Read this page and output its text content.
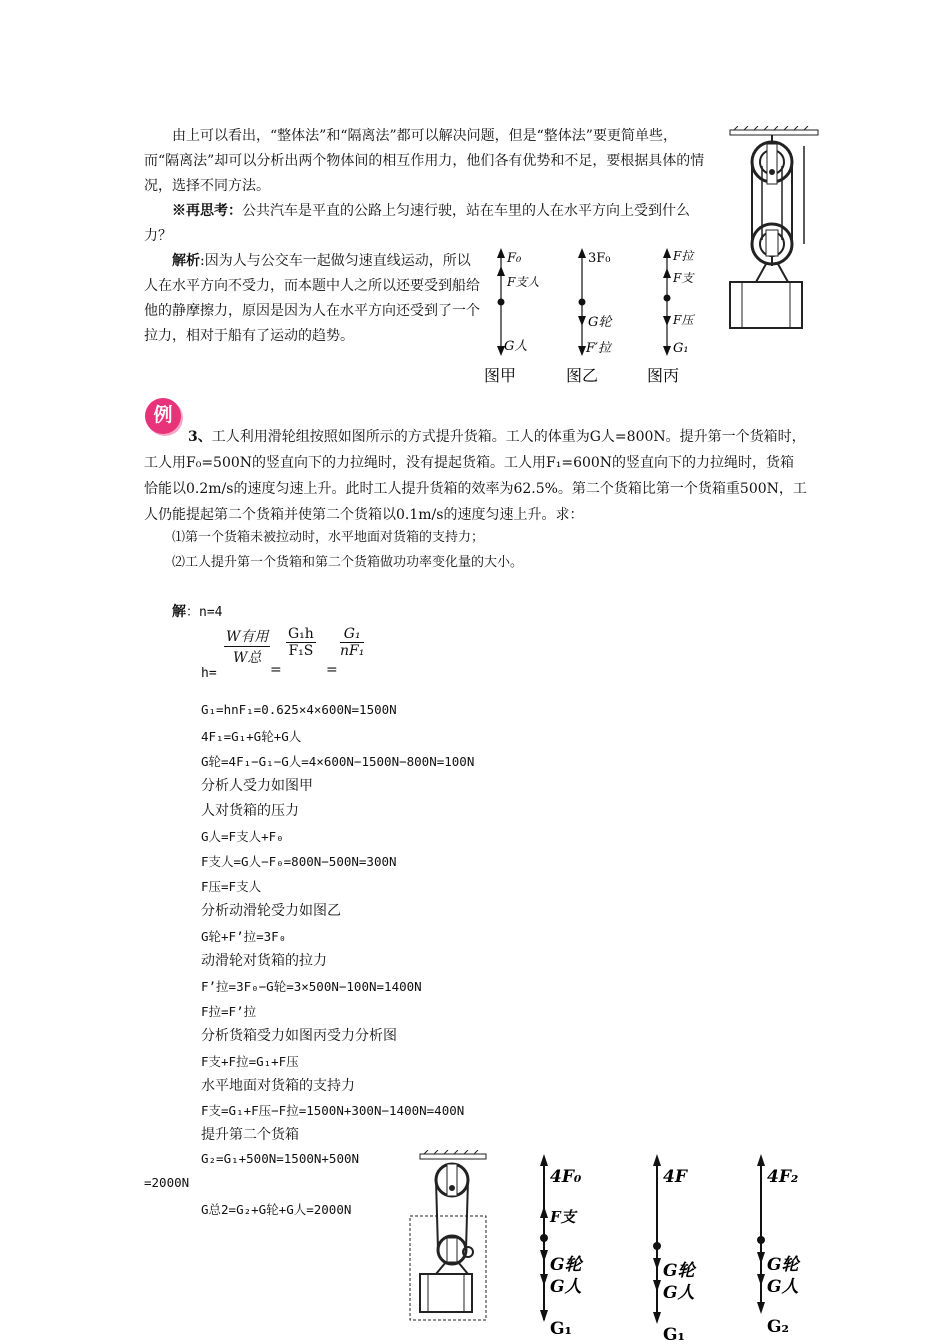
由上可以看出，“整体法”和“隔离法”都可以解决问题，但是“整体法”要更简单些，而“隔离法”却可以分析出两个物体间的相互作用力，他们各有优势和不足，要根据具体的情况，选择不同方法。
※再思考：公共汽车是平直的公路上匀速行驶，站在车里的人在水平方向上受到什么力？
解析:因为人与公交车一起做匀速直线运动，所以人在水平方向不受力，而本题中人之所以还要受到船给他的静摩擦力，原因是因为人在水平方向还受到了一个拉力，相对于船有了运动的趋势。
F₀
F支人
G人
图甲
3F₀
G轮
F′拉
图乙
F拉
F支
F压
G₁
图丙
例
3、工人利用滑轮组按照如图所示的方式提升货箱。工人的体重为G人=800N。提升第一个货箱时，工人用F₀=500N的竖直向下的力拉绳时，没有提起货箱。工人用F₁=600N的竖直向下的力拉绳时，货箱恰能以0.2m/s的速度匀速上升。此时工人提升货箱的效率为62.5%。第二个货箱比第一个货箱重500N，工人仍能提起第二个货箱并使第二个货箱以0.1m/s的速度匀速上升。求：
⑴第一个货箱未被拉动时，水平地面对货箱的支持力；
⑵工人提升第一个货箱和第二个货箱做功功率变化量的大小。
解：n=4
h=
W有用
W总
=
$\frac{\text{G₁h}}{\text{F₁S}}$
=
$\frac{\text{G₁}}{\text{nF₁}}$
G₁=hnF₁=0.625×4×600N=1500N
4F₁=G₁+G轮+G人
G轮=4F₁−G₁−G人=4×600N−1500N−800N=100N
分析人受力如图甲
人对货箱的压力
G人=F支人+F₀
F支人=G人−F₀=800N−500N=300N
F压=F支人
分析动滑轮受力如图乙
G轮+F’拉=3F₀
动滑轮对货箱的拉力
F’拉=3F₀−G轮=3×500N−100N=1400N
F拉=F’拉
分析货箱受力如图丙受力分析图
F支+F拉=G₁+F压
水平地面对货箱的支持力
F支=G₁+F压−F拉=1500N+300N−1400N=400N
提升第二个货箱
G₂=G₁+500N=1500N+500N
=2000N
G总2=G₂+G轮+G人=2000N
4F₀
F支
G轮
G人
G₁
4F
G轮
G人
G₁
4F₂
G轮
G人
G₂
